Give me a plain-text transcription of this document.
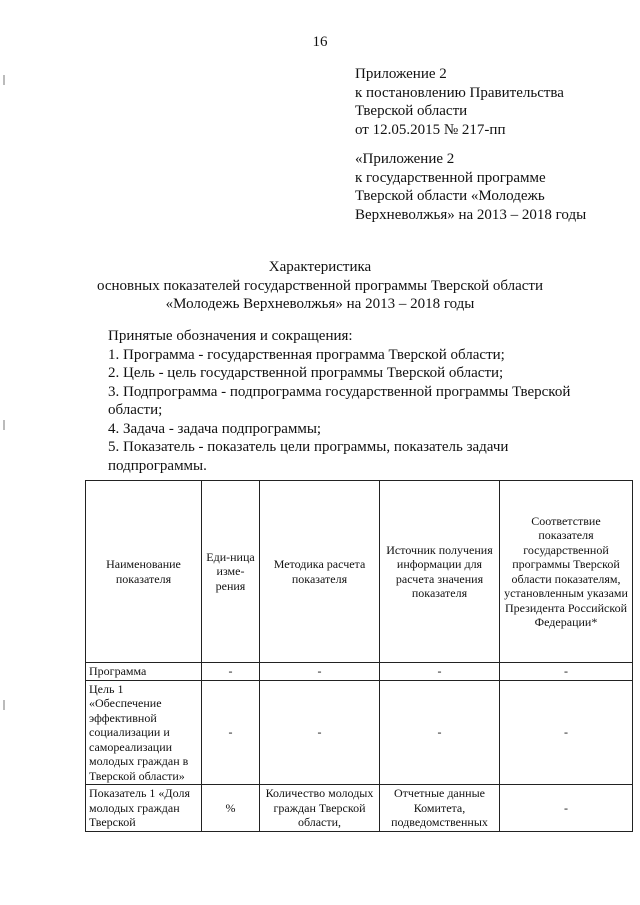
16
Приложение 2
к постановлению Правительства
Тверской области
от 12.05.2015 № 217-пп
«Приложение 2
к государственной программе
Тверской области «Молодежь
Верхневолжья» на 2013 – 2018 годы
Характеристика
основных показателей государственной программы Тверской области
«Молодежь Верхневолжья» на 2013 – 2018 годы
Принятые обозначения и сокращения:
1. Программа - государственная программа Тверской области;
2. Цель - цель государственной программы Тверской области;
3. Подпрограмма - подпрограмма государственной программы Тверской
области;
4. Задача - задача подпрограммы;
5. Показатель - показатель цели программы, показатель задачи
подпрограммы.
Наименование показателя	Еди-ница изме-рения	Методика расчета показателя	Источник получения информации для расчета значения показателя	Соответствие показателя государственной программы Тверской области показателям, установленным указами Президента Российской Федерации*
Программа	-	-	-	-
Цель 1 «Обеспечение эффективной социализации и самореализации молодых граждан в Тверской области»	-	-	-	-
Показатель 1 «Доля молодых граждан Тверской	%	Количество молодых граждан Тверской области,	Отчетные данные Комитета, подведомственных	-
